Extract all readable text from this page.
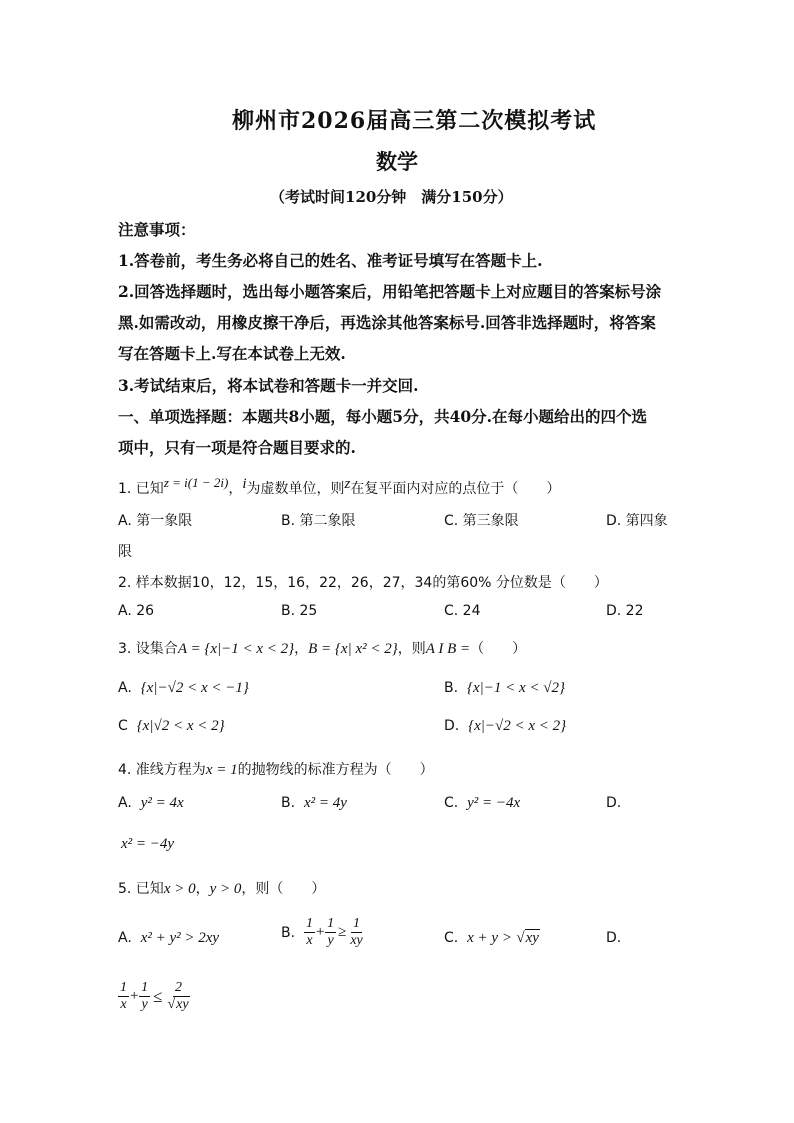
柳州市2026届高三第二次模拟考试
数学
（考试时间120分钟　满分150分）
注意事项：
1.答卷前，考生务必将自己的姓名、准考证号填写在答题卡上.
2.回答选择题时，选出每小题答案后，用铅笔把答题卡上对应题目的答案标号涂
黑.如需改动，用橡皮擦干净后，再选涂其他答案标号.回答非选择题时，将答案
写在答题卡上.写在本试卷上无效.
3.考试结束后，将本试卷和答题卡一并交回.
一、单项选择题：本题共8小题，每小题5分，共40分.在每小题给出的四个选
项中，只有一项是符合题目要求的.
1. 已知z = i(1 − 2i)，i为虚数单位，则z在复平面内对应的点位于（　　）
A. 第一象限	B. 第二象限	C. 第三象限	D. 第四象
限
2. 样本数据10，12，15，16，22，26，27，34的第60% 分位数是（　　）
A. 26	B. 25	C. 24	D. 22
3. 设集合A = {x|−1 < x < 2}，B = {x| x² < 2}，则A I B =（　　）
A. {x|−√2 < x < −1}	B. {x|−1 < x < √2}
C {x|√2 < x < 2}	D. {x|−√2 < x < 2}
4. 准线方程为x = 1的抛物线的标准方程为（　　）
A. y² = 4x	B. x² = 4y	C. y² = −4x	D.
x² = −4y
5. 已知x > 0，y > 0，则（　　）
A. x² + y² > 2xy	B.
$\frac{1}{x} + \frac{1}{y} \ge \frac{1}{xy}$	C. x + y > √xy	D.
$\frac{1}{x} + \frac{1}{y} \le \frac{2}{√xy}$
